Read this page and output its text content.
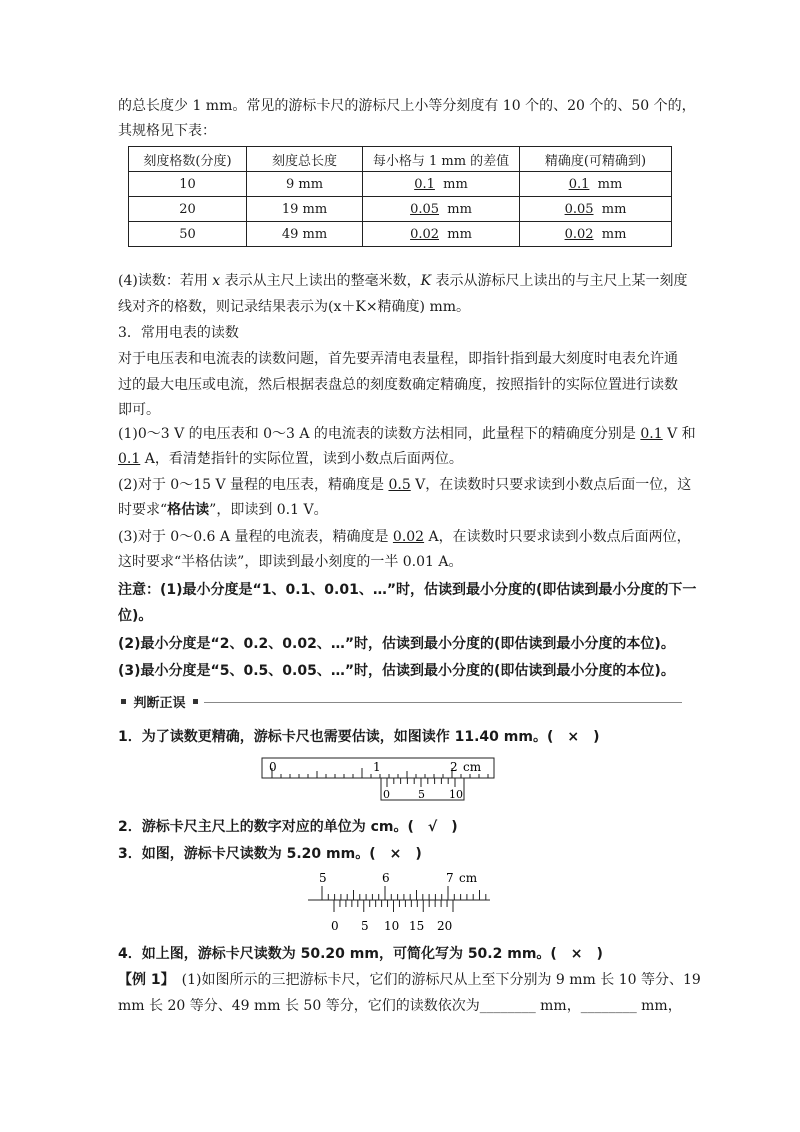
的总长度少 1 mm。常见的游标卡尺的游标尺上小等分刻度有 10 个的、20 个的、50 个的，
其规格见下表：
刻度格数(分度)	刻度总长度	每小格与 1 mm 的差值	精确度(可精确到)
10	9 mm	0.1 mm	0.1 mm
20	19 mm	0.05 mm	0.05 mm
50	49 mm	0.02 mm	0.02 mm
(4)读数：若用 x 表示从主尺上读出的整毫米数，K 表示从游标尺上读出的与主尺上某一刻度
线对齐的格数，则记录结果表示为(x＋K×精确度) mm。
3．常用电表的读数
对于电压表和电流表的读数问题，首先要弄清电表量程，即指针指到最大刻度时电表允许通
过的最大电压或电流，然后根据表盘总的刻度数确定精确度，按照指针的实际位置进行读数
即可。
(1)0～3 V 的电压表和 0～3 A 的电流表的读数方法相同，此量程下的精确度分别是 0.1 V 和
0.1 A，看清楚指针的实际位置，读到小数点后面两位。
(2)对于 0～15 V 量程的电压表，精确度是 0.5 V，在读数时只要求读到小数点后面一位，这
时要求“格估读”，即读到 0.1 V。
(3)对于 0～0.6 A 量程的电流表，精确度是 0.02 A，在读数时只要求读到小数点后面两位，
这时要求“半格估读”，即读到最小刻度的一半 0.01 A。
注意：(1)最小分度是“1、0.1、0.01、…”时，估读到最小分度的(即估读到最小分度的下一
位)。
(2)最小分度是“2、0.2、0.02、…”时，估读到最小分度的(即估读到最小分度的本位)。
(3)最小分度是“5、0.5、0.05、…”时，估读到最小分度的(即估读到最小分度的本位)。
判断正误
1．为了读数更精确，游标卡尺也需要估读，如图读作 11.40 mm。(　×　)
0	1	2 cm
0	5 10
2．游标卡尺主尺上的数字对应的单位为 cm。(　√　)
3．如图，游标卡尺读数为 5.20 mm。(　×　)
5	6	7 cm
0 5 10 15 20
4．如上图，游标卡尺读数为 50.20 mm，可简化写为 50.2 mm。(　×　)
【例 1】　(1)如图所示的三把游标卡尺，它们的游标尺从上至下分别为 9 mm 长 10 等分、19
mm 长 20 等分、49 mm 长 50 等分，它们的读数依次为________ mm，________ mm，
